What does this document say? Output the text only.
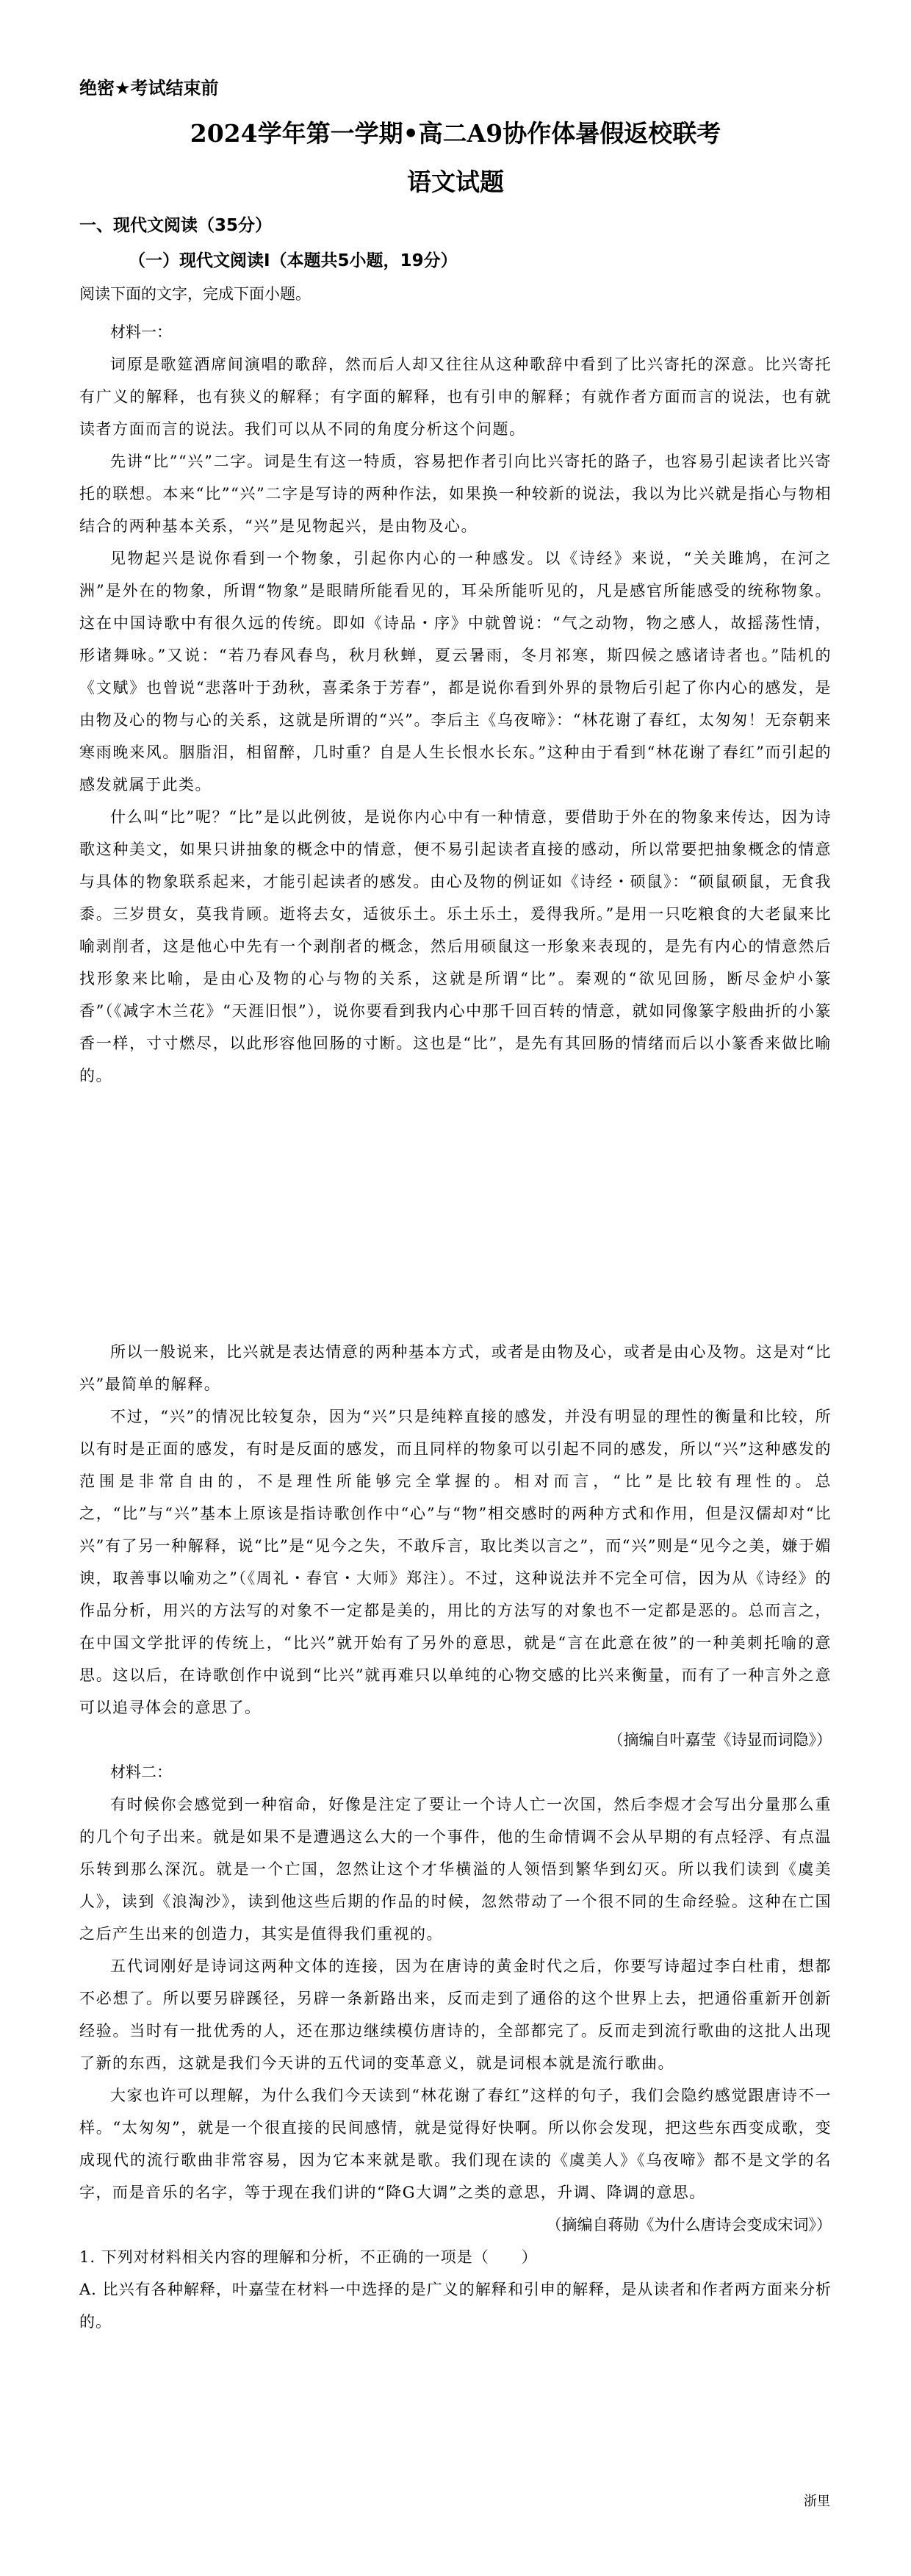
绝密★考试结束前
2024学年第一学期•高二A9协作体暑假返校联考
语文试题
一、现代文阅读（35分）
（一）现代文阅读Ⅰ（本题共5小题，19分）
阅读下面的文字，完成下面小题。

材料一：

词原是歌筵酒席间演唱的歌辞，然而后人却又往往从这种歌辞中看到了比兴寄托的深意。比兴寄托有广义的解释，也有狭义的解释；有字面的解释，也有引申的解释；有就作者方面而言的说法，也有就读者方面而言的说法。我们可以从不同的角度分析这个问题。

先讲“比”“兴”二字。词是生有这一特质，容易把作者引向比兴寄托的路子，也容易引起读者比兴寄托的联想。本来“比”“兴”二字是写诗的两种作法，如果换一种较新的说法，我以为比兴就是指心与物相结合的两种基本关系，“兴”是见物起兴，是由物及心。

见物起兴是说你看到一个物象，引起你内心的一种感发。以《诗经》来说，“关关雎鸠，在河之洲”是外在的物象，所谓“物象”是眼睛所能看见的，耳朵所能听见的，凡是感官所能感受的统称物象。这在中国诗歌中有很久远的传统。即如《诗品・序》中就曾说：“气之动物，物之感人，故摇荡性情，形诸舞咏。”又说：“若乃春风春鸟，秋月秋蝉，夏云暑雨，冬月祁寒，斯四候之感诸诗者也。”陆机的《文赋》也曾说“悲落叶于劲秋，喜柔条于芳春”，都是说你看到外界的景物后引起了你内心的感发，是由物及心的物与心的关系，这就是所谓的“兴”。李后主《乌夜啼》：“林花谢了春红，太匆匆！无奈朝来寒雨晚来风。胭脂泪，相留醉，几时重？自是人生长恨水长东。”这种由于看到“林花谢了春红”而引起的感发就属于此类。

什么叫“比”呢？“比”是以此例彼，是说你内心中有一种情意，要借助于外在的物象来传达，因为诗歌这种美文，如果只讲抽象的概念中的情意，便不易引起读者直接的感动，所以常要把抽象概念的情意与具体的物象联系起来，才能引起读者的感发。由心及物的例证如《诗经・硕鼠》：“硕鼠硕鼠，无食我黍。三岁贯女，莫我肯顾。逝将去女，适彼乐土。乐土乐土，爰得我所。”是用一只吃粮食的大老鼠来比喻剥削者，这是他心中先有一个剥削者的概念，然后用硕鼠这一形象来表现的，是先有内心的情意然后找形象来比喻，是由心及物的心与物的关系，这就是所谓“比”。秦观的“欲见回肠，断尽金炉小篆香”（《减字木兰花》“天涯旧恨”），说你要看到我内心中那千回百转的情意，就如同像篆字般曲折的小篆香一样，寸寸燃尽，以此形容他回肠的寸断。这也是“比”，是先有其回肠的情绪而后以小篆香来做比喻的。

所以一般说来，比兴就是表达情意的两种基本方式，或者是由物及心，或者是由心及物。这是对“比兴”最简单的解释。

不过，“兴”的情况比较复杂，因为“兴”只是纯粹直接的感发，并没有明显的理性的衡量和比较，所以有时是正面的感发，有时是反面的感发，而且同样的物象可以引起不同的感发，所以“兴”这种感发的范围是非常自由的，不是理性所能够完全掌握的。相对而言，“比”是比较有理性的。总之，“比”与“兴”基本上原该是指诗歌创作中“心”与“物”相交感时的两种方式和作用，但是汉儒却对“比兴”有了另一种解释，说“比”是“见今之失，不敢斥言，取比类以言之”，而“兴”则是“见今之美，嫌于媚谀，取善事以喻劝之”（《周礼・春官・大师》郑注）。不过，这种说法并不完全可信，因为从《诗经》的作品分析，用兴的方法写的对象不一定都是美的，用比的方法写的对象也不一定都是恶的。总而言之，在中国文学批评的传统上，“比兴”就开始有了另外的意思，就是“言在此意在彼”的一种美刺托喻的意思。这以后，在诗歌创作中说到“比兴”就再难只以单纯的心物交感的比兴来衡量，而有了一种言外之意可以追寻体会的意思了。

（摘编自叶嘉莹《诗显而词隐》）

材料二：

有时候你会感觉到一种宿命，好像是注定了要让一个诗人亡一次国，然后李煜才会写出分量那么重的几个句子出来。就是如果不是遭遇这么大的一个事件，他的生命情调不会从早期的有点轻浮、有点温乐转到那么深沉。就是一个亡国，忽然让这个才华横溢的人领悟到繁华到幻灭。所以我们读到《虞美人》，读到《浪淘沙》，读到他这些后期的作品的时候，忽然带动了一个很不同的生命经验。这种在亡国之后产生出来的创造力，其实是值得我们重视的。

五代词刚好是诗词这两种文体的连接，因为在唐诗的黄金时代之后，你要写诗超过李白杜甫，想都不必想了。所以要另辟蹊径，另辟一条新路出来，反而走到了通俗的这个世界上去，把通俗重新开创新经验。当时有一批优秀的人，还在那边继续模仿唐诗的，全部都完了。反而走到流行歌曲的这批人出现了新的东西，这就是我们今天讲的五代词的变革意义，就是词根本就是流行歌曲。

大家也许可以理解，为什么我们今天读到“林花谢了春红”这样的句子，我们会隐约感觉跟唐诗不一样。“太匆匆”，就是一个很直接的民间感情，就是觉得好快啊。所以你会发现，把这些东西变成歌，变成现代的流行歌曲非常容易，因为它本来就是歌。我们现在读的《虞美人》《乌夜啼》都不是文学的名字，而是音乐的名字，等于现在我们讲的“降G大调”之类的意思，升调、降调的意思。

（摘编自蒋勋《为什么唐诗会变成宋词》）

1. 下列对材料相关内容的理解和分析，不正确的一项是（　　）

A. 比兴有各种解释，叶嘉莹在材料一中选择的是广义的解释和引申的解释，是从读者和作者两方面来分析的。

浙里
